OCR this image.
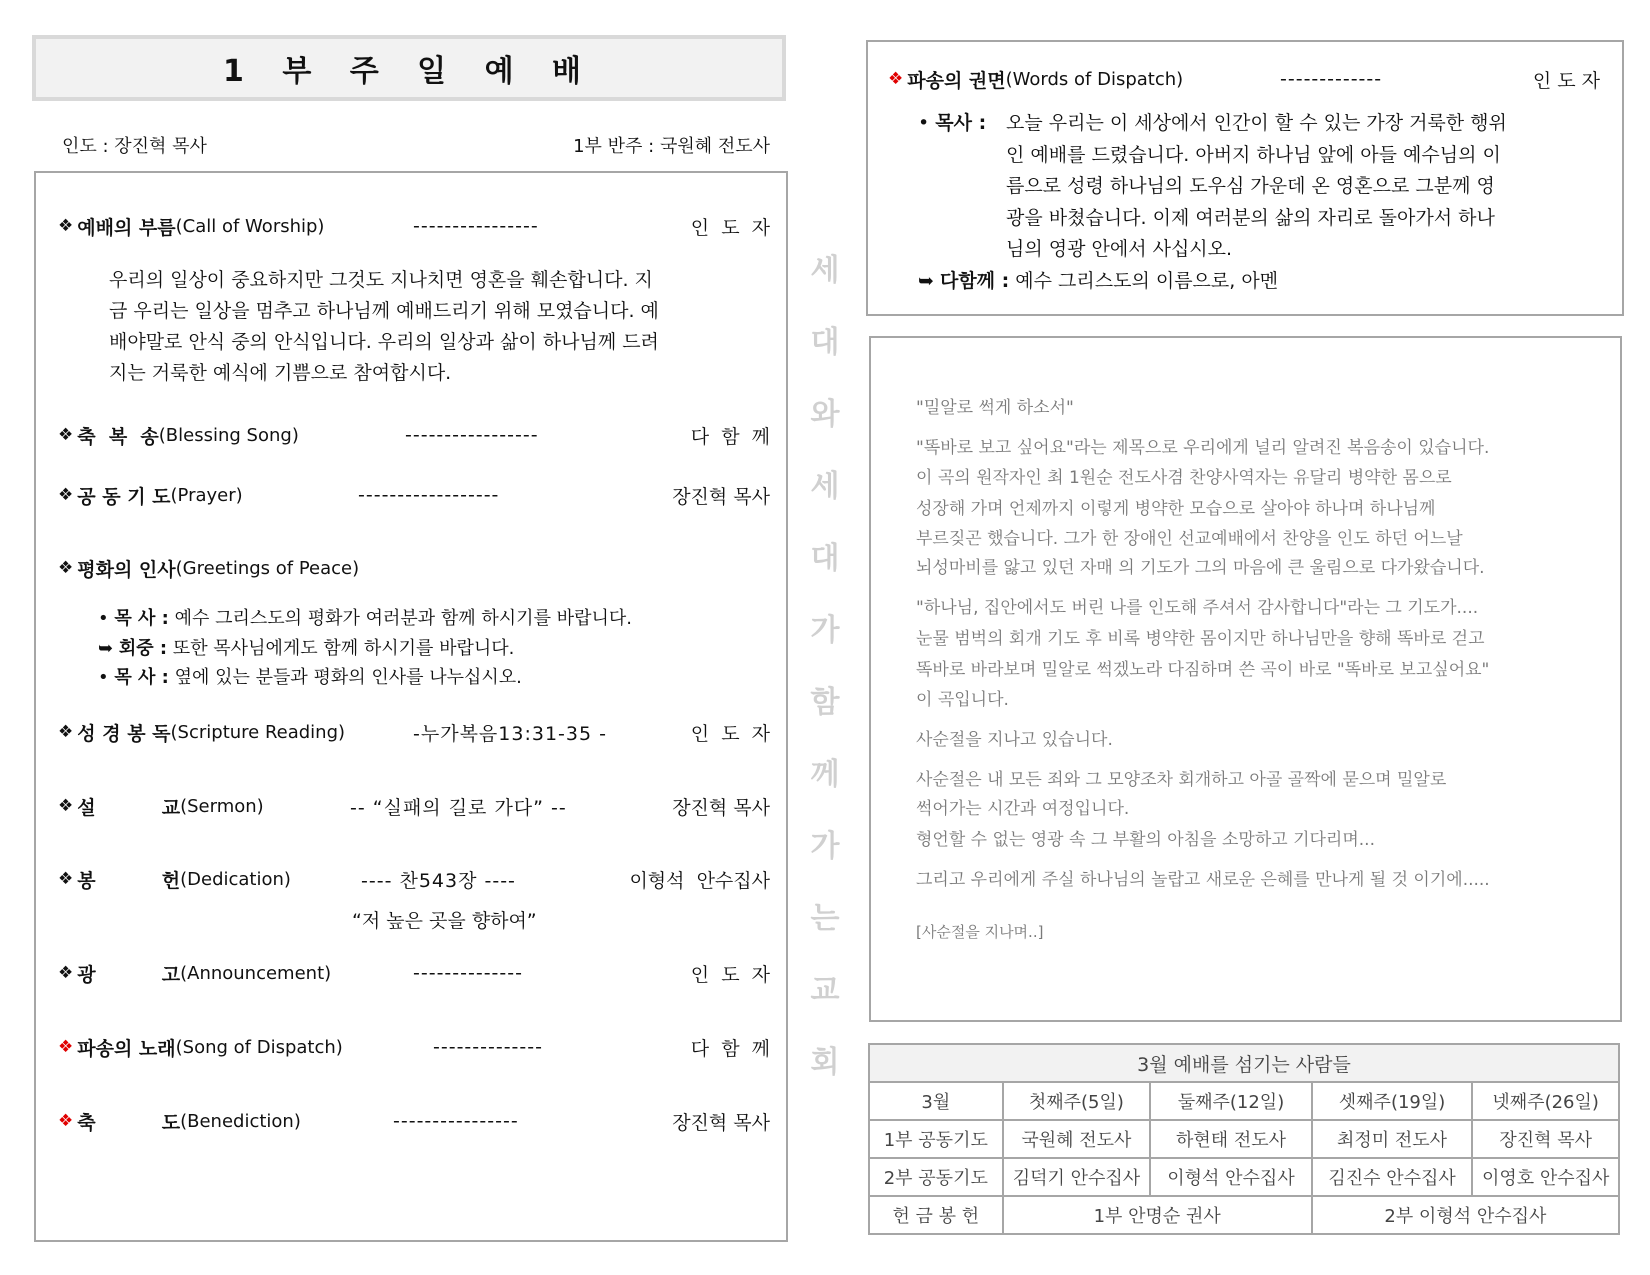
1 부 주 일 예 배
인도 : 장진혁 목사	1부 반주 : 국원혜 전도사
❖ 예배의 부름 (Call of Worship)	----------------	인  도  자
❖ 축  복  송 (Blessing Song)	-----------------	다  함  께
❖ 공 동 기 도 (Prayer)	------------------	장진혁 목사
❖ 평화의 인사 (Greetings of Peace)
❖ 성 경 봉 독 (Scripture Reading)	-누가복음13:31-35 -	인  도  자
❖ 설          교 (Sermon)	-- “실패의 길로 가다” --	장진혁 목사
❖ 봉          헌 (Dedication)	---- 찬543장 ----	이형석  안수집사
❖ 광          고 (Announcement)	--------------	인  도  자
❖ 파송의 노래 (Song of Dispatch)	--------------	다  함  께
❖ 축          도 (Benediction)	----------------	장진혁 목사
우리의 일상이 중요하지만 그것도 지나치면 영혼을 훼손합니다. 지
금 우리는 일상을 멈추고 하나님께 예배드리기 위해 모였습니다. 예
배야말로 안식 중의 안식입니다. 우리의 일상과 삶이 하나님께 드려
지는 거룩한 예식에 기쁨으로 참여합시다.
• 목 사 : 예수 그리스도의 평화가 여러분과 함께 하시기를 바랍니다.
➥ 회중 : 또한 목사님에게도 함께 하시기를 바랍니다.
• 목 사 : 옆에 있는 분들과 평화의 인사를 나누십시오.
“저 높은 곳을 향하여”
세
대
와
세
대
가
함
께
가
는
교
회
❖ 파송의 권면 (Words of Dispatch)	-------------	인 도 자
• 목사 : 오늘 우리는 이 세상에서 인간이 할 수 있는 가장 거룩한 행위
인 예배를 드렸습니다. 아버지 하나님 앞에 아들 예수님의 이
름으로 성령 하나님의 도우심 가운데 온 영혼으로 그분께 영
광을 바쳤습니다. 이제 여러분의 삶의 자리로 돌아가서 하나
님의 영광 안에서 사십시오.
➥ 다함께 : 예수 그리스도의 이름으로, 아멘
"밀알로 썩게 하소서"
"똑바로 보고 싶어요"라는 제목으로 우리에게 널리 알려진 복음송이 있습니다.
이 곡의 원작자인 최 1원순 전도사겸 찬양사역자는 유달리 병약한 몸으로
성장해 가며 언제까지 이렇게 병약한 모습으로 살아야 하나며 하나님께
부르짖곤 했습니다. 그가 한 장애인 선교예배에서 찬양을 인도 하던 어느날
뇌성마비를 앓고 있던 자매 의 기도가 그의 마음에 큰 울림으로 다가왔습니다.
"하나님, 집안에서도 버린 나를 인도해 주셔서 감사합니다"라는 그 기도가....
눈물 범벅의 회개 기도 후 비록 병약한 몸이지만 하나님만을 향해 똑바로 걷고
똑바로 바라보며 밀알로 썩겠노라 다짐하며 쓴 곡이 바로 "똑바로 보고싶어요"
이 곡입니다.
사순절을 지나고 있습니다.
사순절은 내 모든 죄와 그 모양조차 회개하고 아골 골짝에 묻으며 밀알로
썩어가는 시간과 여정입니다.
형언할 수 없는 영광 속 그 부활의 아침을 소망하고 기다리며...
그리고 우리에게 주실 하나님의 놀랍고 새로운 은혜를 만나게 될 것 이기에.....
[사순절을 지나며..]
3월 예배를 섬기는 사람들				
3월	첫째주(5일)	둘째주(12일)	셋째주(19일)	넷째주(26일)
1부 공동기도	국원혜 전도사	하현태 전도사	최정미 전도사	장진혁 목사
2부 공동기도	김덕기 안수집사	이형석 안수집사	김진수 안수집사	이영호 안수집사
헌 금 봉 헌	1부 안명순 권사		2부 이형석 안수집사	
